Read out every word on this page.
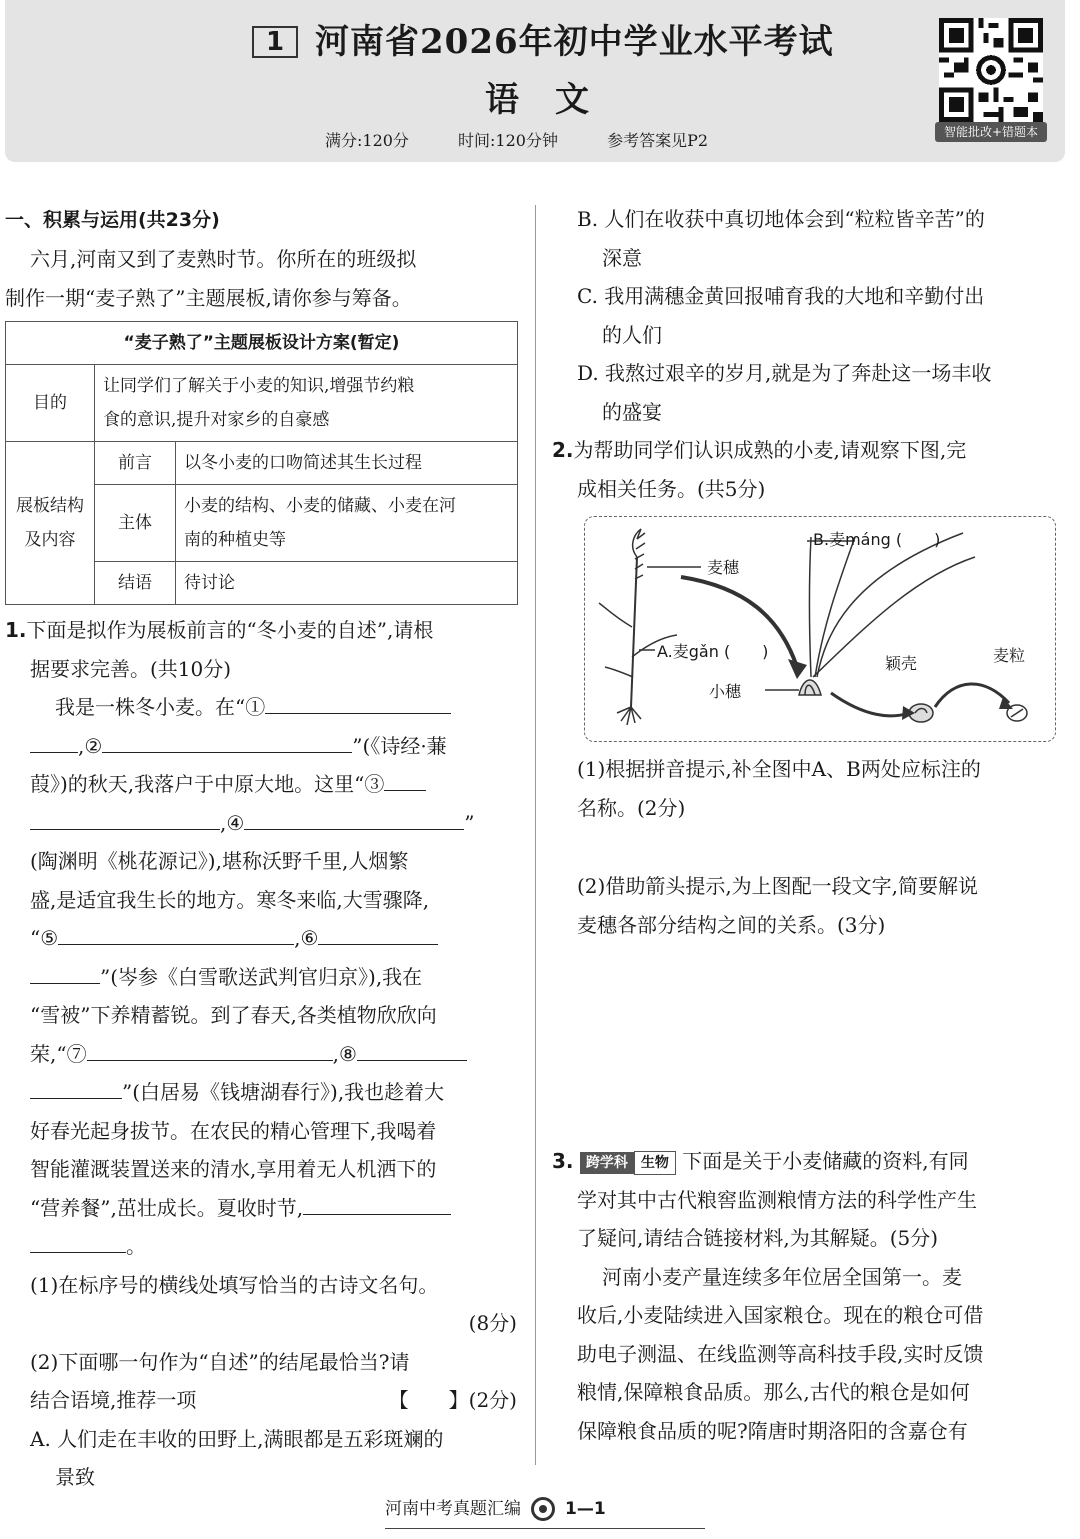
1 河南省2026年初中学业水平考试
语文
满分:120分	时间:120分钟	参考答案见P2	智能批改+错题本

一、积累与运用(共23分)

六月,河南又到了麦熟时节。你所在的班级拟

制作一期“麦子熟了”主题展板,请你参与筹备。

“麦子熟了”主题展板设计方案(暂定)		
目的	让同学们了解关于小麦的知识,增强节约粮
食的意识,提升对家乡的自豪感	

展板结构
及内容	前言	以冬小麦的口吻简述其生长过程
	主体	小麦的结构、小麦的储藏、小麦在河
南的种植史等

	结语	待讨论

1.下面是拟作为展板前言的“冬小麦的自述”,请根

据要求完善。(共10分)

我是一株冬小麦。在“①

,②	”(《诗经·蒹

葭》)的秋天,我落户于中原大地。这里“③

,④	”

(陶渊明《桃花源记》),堪称沃野千里,人烟繁

盛,是适宜我生长的地方。寒冬来临,大雪骤降,

“⑤	,⑥

”(岑参《白雪歌送武判官归京》),我在

“雪被”下养精蓄锐。到了春天,各类植物欣欣向

荣,“⑦	,⑧

”(白居易《钱塘湖春行》),我也趁着大

好春光起身拔节。在农民的精心管理下,我喝着

智能灌溉装置送来的清水,享用着无人机洒下的

“营养餐”,茁壮成长。夏收时节,

。

(1)在标序号的横线处填写恰当的古诗文名句。

(8分)

(2)下面哪一句作为“自述”的结尾最恰当?请

结合语境,推荐一项	【　　】(2分)

A. 人们走在丰收的田野上,满眼都是五彩斑斓的

景致

B. 人们在收获中真切地体会到“粒粒皆辛苦”的

深意

C. 我用满穗金黄回报哺育我的大地和辛勤付出

的人们

D. 我熬过艰辛的岁月,就是为了奔赴这一场丰收

的盛宴

2.为帮助同学们认识成熟的小麦,请观察下图,完

成相关任务。(共5分)

麦穗
B.麦máng (　　)
A.麦gǎn (　　)
小穗
颖壳	麦粒

(1)根据拼音提示,补全图中A、B两处应标注的

名称。(2分)

(2)借助箭头提示,为上图配一段文字,简要解说

麦穗各部分结构之间的关系。(3分)

3. 跨学科 生物 下面是关于小麦储藏的资料,有同

学对其中古代粮窖监测粮情方法的科学性产生

了疑问,请结合链接材料,为其解疑。(5分)

河南小麦产量连续多年位居全国第一。麦

收后,小麦陆续进入国家粮仓。现在的粮仓可借

助电子测温、在线监测等高科技手段,实时反馈

粮情,保障粮食品质。那么,古代的粮仓是如何

保障粮食品质的呢?隋唐时期洛阳的含嘉仓有

河南中考真题汇编	1—1
